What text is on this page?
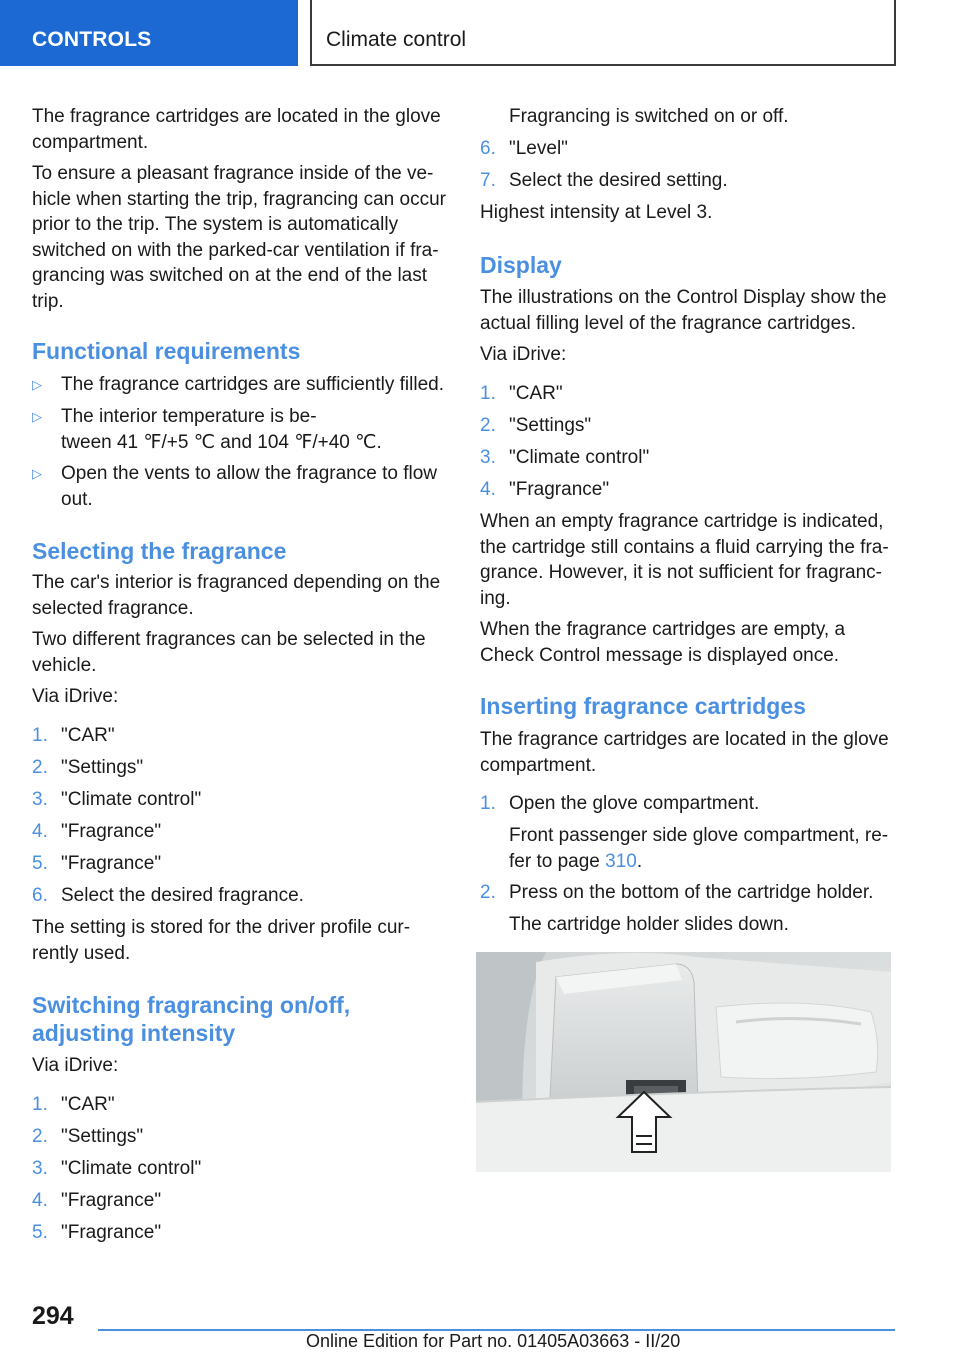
CONTROLS	Climate control
The fragrance cartridges are located in the glove
compartment.
To ensure a pleasant fragrance inside of the ve-
hicle when starting the trip, fragrancing can occur
prior to the trip. The system is automatically
switched on with the parked-car ventilation if fra-
grancing was switched on at the end of the last
trip.
Functional requirements
▷ The fragrance cartridges are sufficiently filled.
▷ The interior temperature is be-
tween 41 ℉/+5 ℃ and 104 ℉/+40 ℃.
▷ Open the vents to allow the fragrance to flow
out.
Selecting the fragrance
The car's interior is fragranced depending on the
selected fragrance.
Two different fragrances can be selected in the
vehicle.
Via iDrive:
1. "CAR"
2. "Settings"
3. "Climate control"
4. "Fragrance"
5. "Fragrance"
6. Select the desired fragrance.
The setting is stored for the driver profile cur-
rently used.
Switching fragrancing on/off,
adjusting intensity
Via iDrive:
1. "CAR"
2. "Settings"
3. "Climate control"
4. "Fragrance"
5. "Fragrance"
Fragrancing is switched on or off.
6. "Level"
7. Select the desired setting.
Highest intensity at Level 3.
Display
The illustrations on the Control Display show the
actual filling level of the fragrance cartridges.
Via iDrive:
1. "CAR"
2. "Settings"
3. "Climate control"
4. "Fragrance"
When an empty fragrance cartridge is indicated,
the cartridge still contains a fluid carrying the fra-
grance. However, it is not sufficient for fragranc-
ing.
When the fragrance cartridges are empty, a
Check Control message is displayed once.
Inserting fragrance cartridges
The fragrance cartridges are located in the glove
compartment.
1. Open the glove compartment.
Front passenger side glove compartment, re-
fer to page 310.
2. Press on the bottom of the cartridge holder.
The cartridge holder slides down.
294
Online Edition for Part no. 01405A03663 - II/20
